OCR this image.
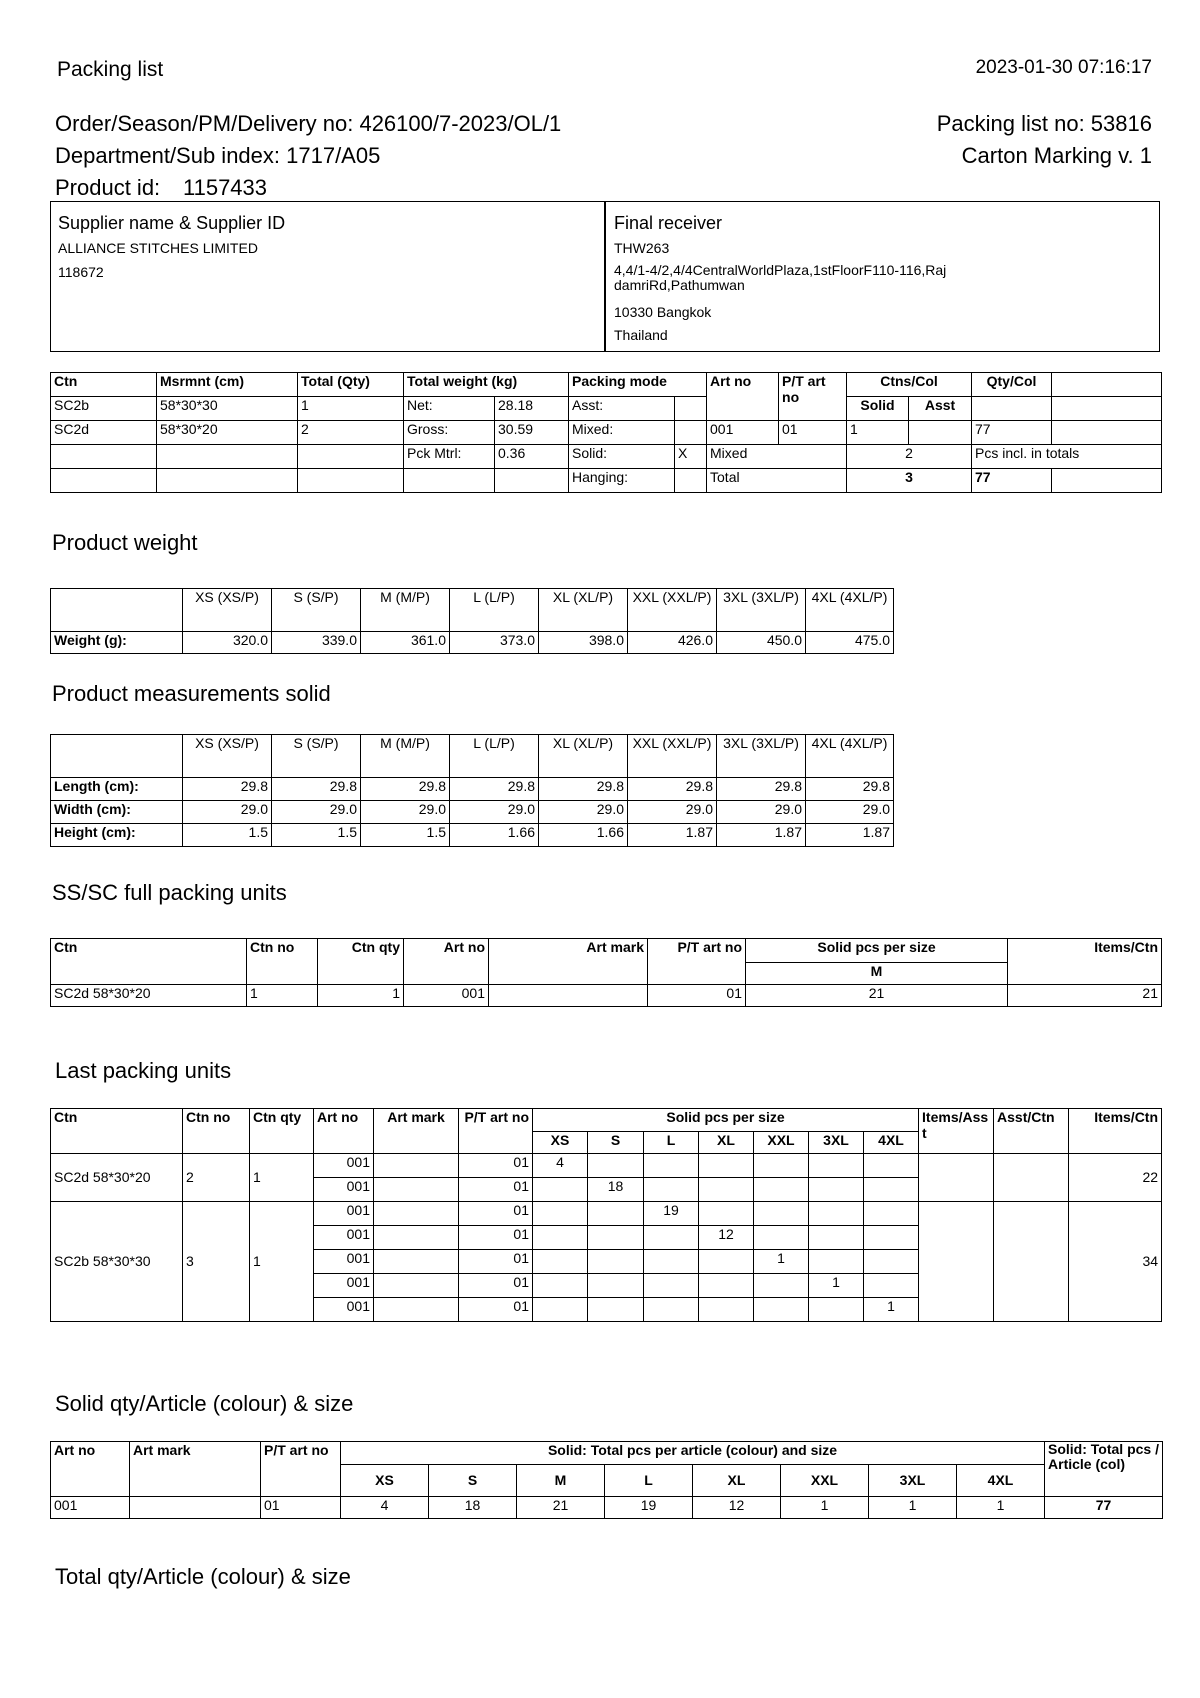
Packing list	2023-01-30 07:16:17
Order/Season/PM/Delivery no: 426100/7-2023/OL/1	Packing list no: 53816
Department/Sub index: 1717/A05	Carton Marking v. 1
Product id: 1157433
Supplier name & Supplier ID
ALLIANCE STITCHES LIMITED
118672
Final receiver
THW263
4,4/1-4/2,4/4CentralWorldPlaza,1stFloorF110-116,RajdamriRd,Pathumwan
10330 Bangkok
Thailand
Ctn	Msrmnt (cm)	Total (Qty)	Total weight (kg)		Packing mode		Art no	P/T art no	Ctns/Col		Qty/Col	
SC2b	58*30*30	1	Net:	28.18	Asst:				Solid	Asst		
SC2d	58*30*20	2	Gross:	30.59	Mixed:		001	01	1		77	
			Pck Mtrl:	0.36	Solid:	X	Mixed		2		Pcs incl. in totals	
					Hanging:		Total		3		77	
Product weight
	XS (XS/P)	S (S/P)	M (M/P)	L (L/P)	XL (XL/P)	XXL (XXL/P)	3XL (3XL/P)	4XL (4XL/P)
Weight (g):	320.0	339.0	361.0	373.0	398.0	426.0	450.0	475.0
Product measurements solid
	XS (XS/P)	S (S/P)	M (M/P)	L (L/P)	XL (XL/P)	XXL (XXL/P)	3XL (3XL/P)	4XL (4XL/P)
Length (cm):	29.8	29.8	29.8	29.8	29.8	29.8	29.8	29.8
Width (cm):	29.0	29.0	29.0	29.0	29.0	29.0	29.0	29.0
Height (cm):	1.5	1.5	1.5	1.66	1.66	1.87	1.87	1.87
SS/SC full packing units
Ctn	Ctn no	Ctn qty	Art no	Art mark	P/T art no	Solid pcs per size	Items/Ctn
						M	
SC2d 58*30*20	1	1	001		01	21	21
Last packing units
Ctn	Ctn no	Ctn qty	Art no	Art mark	P/T art no	Solid pcs per size							Items/Asst	Asst/Ctn	Items/Ctn
						XS	S	L	XL	XXL	3XL	4XL			
SC2d 58*30*20	2	1	001		01	4									22
			001		01		18								
SC2b 58*30*30	3	1	001		01			19							34
			001		01				12						
			001		01					1					
			001		01						1				
			001		01							1			
Solid qty/Article (colour) & size
Art no	Art mark	P/T art no	Solid: Total pcs per article (colour) and size								Solid: Total pcs / Article (col)
			XS	S	M	L	XL	XXL	3XL	4XL	
001		01	4	18	21	19	12	1	1	1	77
Total qty/Article (colour) & size
